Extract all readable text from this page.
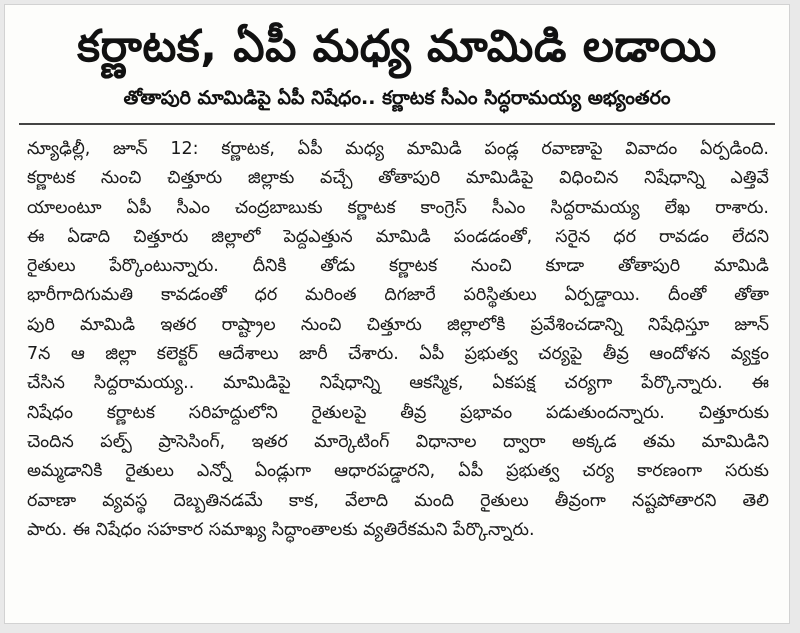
కర్ణాటక, ఏపీ మధ్య మామిడి లడాయి
తోతాపురి మామిడిపై ఏపీ నిషేధం.. కర్ణాటక సీఎం సిద్ధరామయ్య అభ్యంతరం
న్యూఢిల్లీ, జూన్ 12: కర్ణాటక, ఏపీ మధ్య మామిడి పండ్ల రవాణాపై వివాదం ఏర్పడింది.
కర్ణాటక నుంచి చిత్తూరు జిల్లాకు వచ్చే తోతాపురి మామిడిపై విధించిన నిషేధాన్ని ఎత్తివే
యాలంటూ ఏపీ సీఎం చంద్రబాబుకు కర్ణాటక కాంగ్రెస్ సీఎం సిద్దరామయ్య లేఖ రాశారు.
ఈ ఏడాది చిత్తూరు జిల్లాలో పెద్దఎత్తున మామిడి పండడంతో, సరైన ధర రావడం లేదని
రైతులు పేర్కొంటున్నారు. దీనికి తోడు కర్ణాటక నుంచి కూడా తోతాపురి మామిడి
భారీగాదిగుమతి కావడంతో ధర మరింత దిగజారే పరిస్థితులు ఏర్పడ్డాయి. దీంతో తోతా
పురి మామిడి ఇతర రాష్ట్రాల నుంచి చిత్తూరు జిల్లాలోకి ప్రవేశించడాన్ని నిషేధిస్తూ జూన్
7న ఆ జిల్లా కలెక్టర్ ఆదేశాలు జారీ చేశారు. ఏపీ ప్రభుత్వ చర్యపై తీవ్ర ఆందోళన వ్యక్తం
చేసిన సిద్దరామయ్య.. మామిడిపై నిషేధాన్ని ఆకస్మిక, ఏకపక్ష చర్యగా పేర్కొన్నారు. ఈ
నిషేధం కర్ణాటక సరిహద్దులోని రైతులపై తీవ్ర ప్రభావం పడుతుందన్నారు. చిత్తూరుకు
చెందిన పల్ప్ ప్రాసెసింగ్, ఇతర మార్కెటింగ్ విధానాల ద్వారా అక్కడ తమ మామిడిని
అమ్మడానికి రైతులు ఎన్నో ఏండ్లుగా ఆధారపడ్డారని, ఏపీ ప్రభుత్వ చర్య కారణంగా సరుకు
రవాణా వ్యవస్థ దెబ్బతినడమే కాక, వేలాది మంది రైతులు తీవ్రంగా నష్టపోతారని తెలి
పారు. ఈ నిషేధం సహకార సమాఖ్య సిద్ధాంతాలకు వ్యతిరేకమని పేర్కొన్నారు.
